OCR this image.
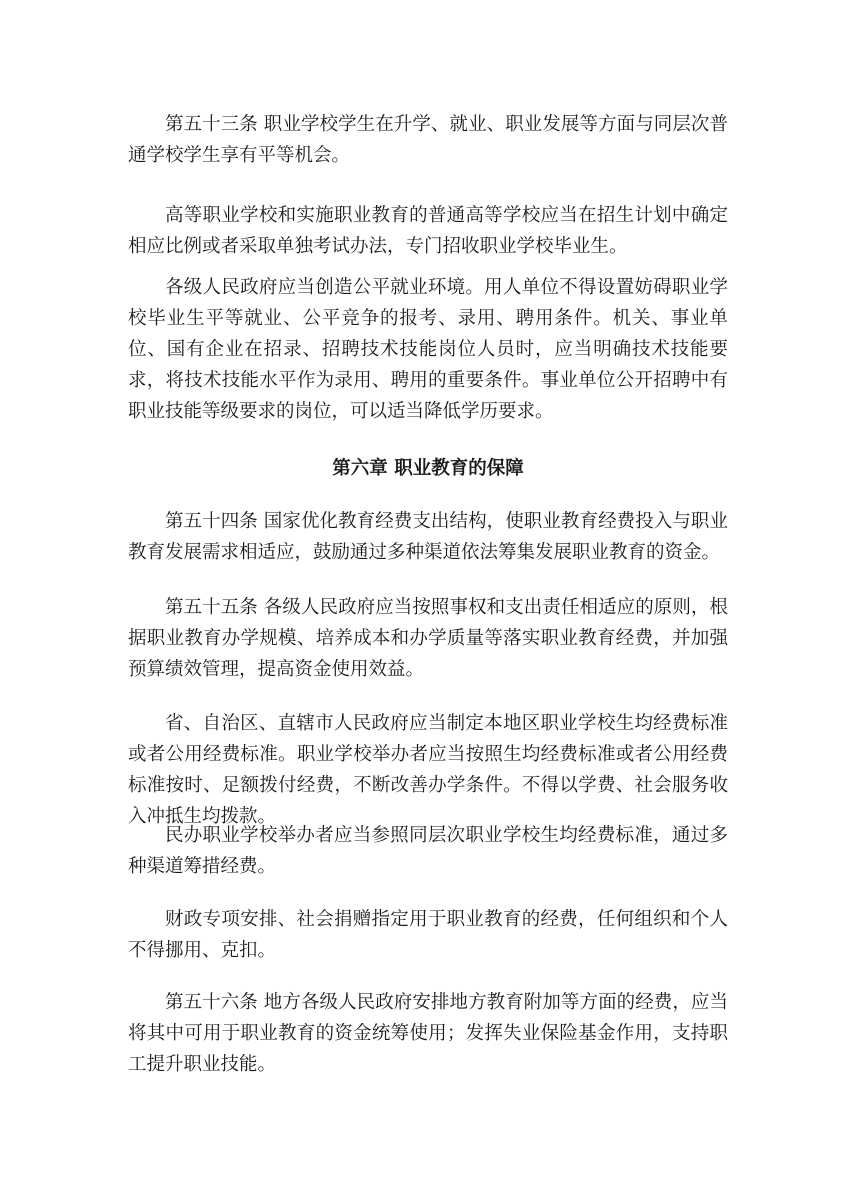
第五十三条 职业学校学生在升学、就业、职业发展等方面与同层次普通学校学生享有平等机会。

高等职业学校和实施职业教育的普通高等学校应当在招生计划中确定相应比例或者采取单独考试办法，专门招收职业学校毕业生。

各级人民政府应当创造公平就业环境。用人单位不得设置妨碍职业学校毕业生平等就业、公平竞争的报考、录用、聘用条件。机关、事业单位、国有企业在招录、招聘技术技能岗位人员时，应当明确技术技能要求，将技术技能水平作为录用、聘用的重要条件。事业单位公开招聘中有职业技能等级要求的岗位，可以适当降低学历要求。

第六章 职业教育的保障

第五十四条 国家优化教育经费支出结构，使职业教育经费投入与职业教育发展需求相适应，鼓励通过多种渠道依法筹集发展职业教育的资金。

第五十五条 各级人民政府应当按照事权和支出责任相适应的原则，根据职业教育办学规模、培养成本和办学质量等落实职业教育经费，并加强预算绩效管理，提高资金使用效益。

省、自治区、直辖市人民政府应当制定本地区职业学校生均经费标准或者公用经费标准。职业学校举办者应当按照生均经费标准或者公用经费标准按时、足额拨付经费，不断改善办学条件。不得以学费、社会服务收入冲抵生均拨款。

民办职业学校举办者应当参照同层次职业学校生均经费标准，通过多种渠道筹措经费。

财政专项安排、社会捐赠指定用于职业教育的经费，任何组织和个人不得挪用、克扣。

第五十六条 地方各级人民政府安排地方教育附加等方面的经费，应当将其中可用于职业教育的资金统筹使用；发挥失业保险基金作用，支持职工提升职业技能。
